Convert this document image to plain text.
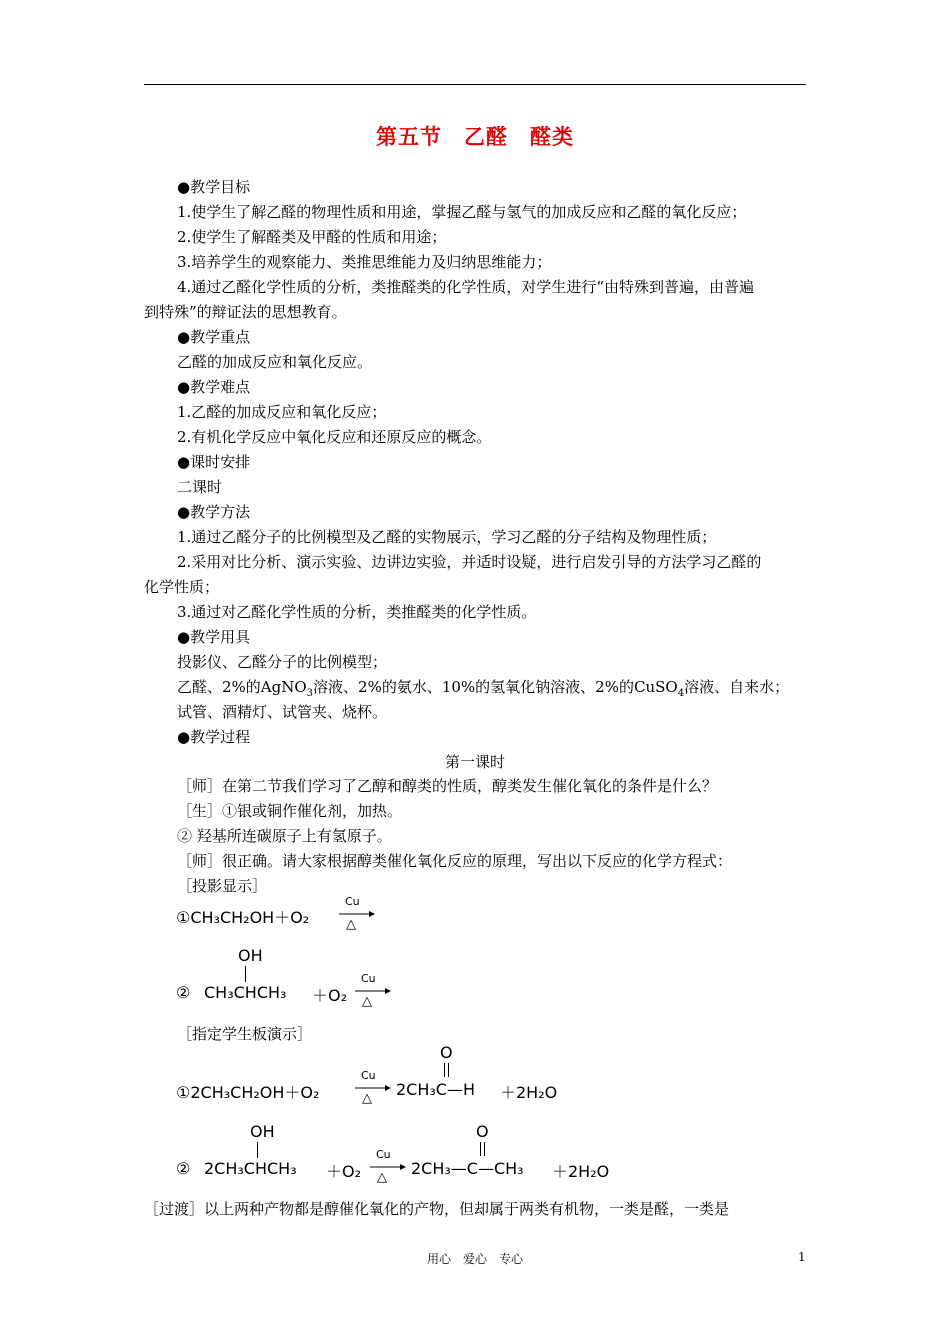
第五节　乙醛　醛类
●教学目标
1.使学生了解乙醛的物理性质和用途，掌握乙醛与氢气的加成反应和乙醛的氧化反应；
2.使学生了解醛类及甲醛的性质和用途；
3.培养学生的观察能力、类推思维能力及归纳思维能力；
4.通过乙醛化学性质的分析，类推醛类的化学性质，对学生进行“由特殊到普遍，由普遍
到特殊”的辩证法的思想教育。
●教学重点
乙醛的加成反应和氧化反应。
●教学难点
1.乙醛的加成反应和氧化反应；
2.有机化学反应中氧化反应和还原反应的概念。
●课时安排
二课时
●教学方法
1.通过乙醛分子的比例模型及乙醛的实物展示，学习乙醛的分子结构及物理性质；
2.采用对比分析、演示实验、边讲边实验，并适时设疑，进行启发引导的方法学习乙醛的
化学性质；
3.通过对乙醛化学性质的分析，类推醛类的化学性质。
●教学用具
投影仪、乙醛分子的比例模型；
乙醛、2%的AgNO$_3$溶液、2%的氨水、10%的氢氧化钠溶液、2%的CuSO$_4$溶液、自来水；
试管、酒精灯、试管夹、烧杯。
●教学过程
第一课时
［师］在第二节我们学习了乙醇和醇类的性质，醇类发生催化氧化的条件是什么？
［生］①银或铜作催化剂，加热。
② 羟基所连碳原子上有氢原子。
［师］很正确。请大家根据醇类催化氧化反应的原理，写出以下反应的化学方程式：
［投影显示］
①CH₃CH₂OH＋O₂
Cu
△
OH
② CH₃CHCH₃ ＋O₂
Cu
△
［指定学生板演示］
O
①2CH₃CH₂OH＋O₂
Cu
△ 2CH₃C—H ＋2H₂O
OH	O
② 2CH₃CHCH₃ ＋O₂
Cu
△ 2CH₃—C—CH₃ ＋2H₂O
［过渡］以上两种产物都是醇催化氧化的产物，但却属于两类有机物，一类是醛，一类是
用心　爱心　专心	1
